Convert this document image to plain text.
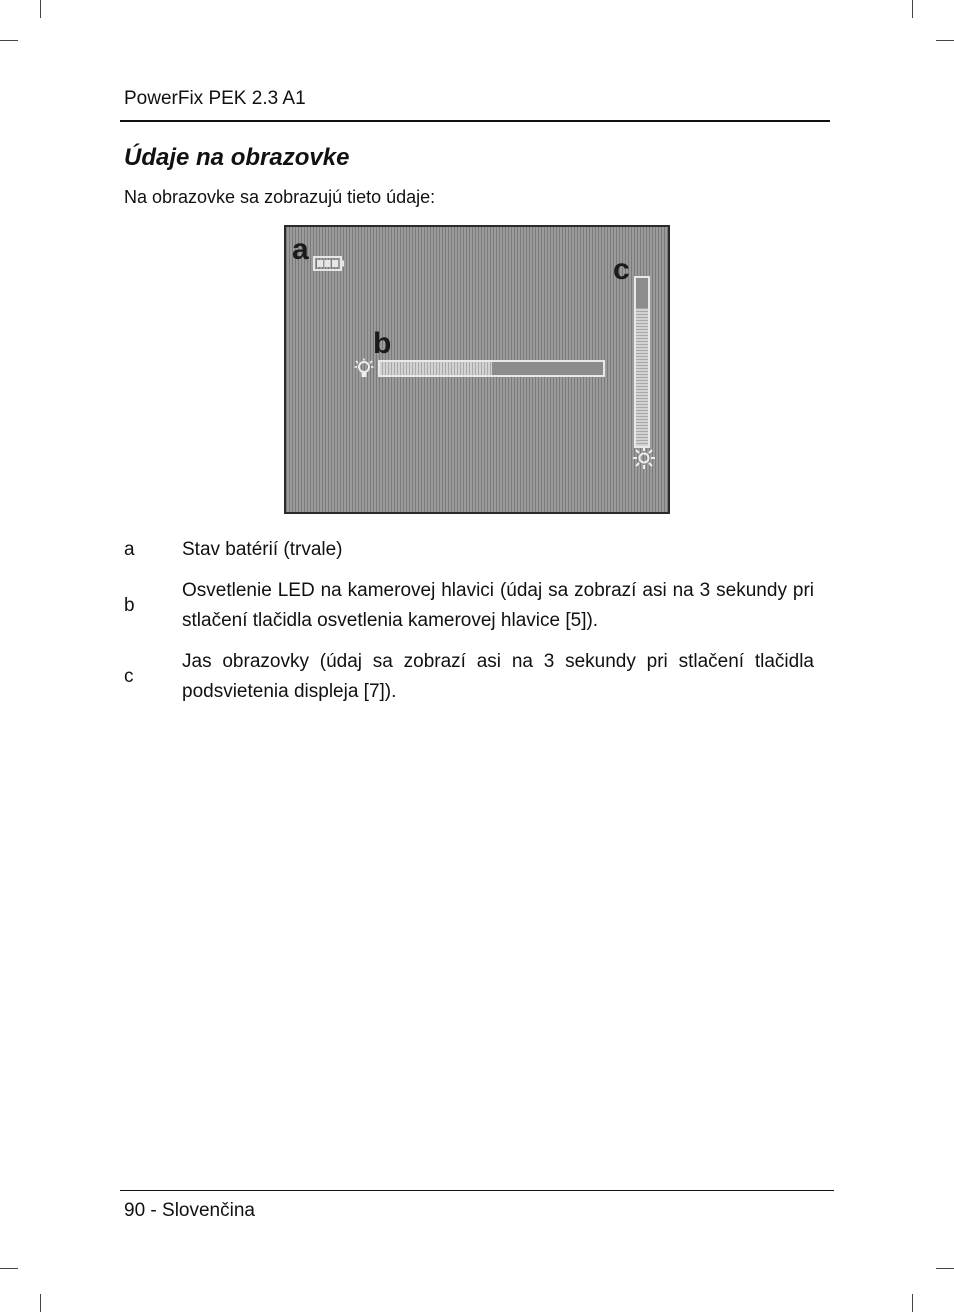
PowerFix PEK 2.3 A1
Údaje na obrazovke
Na obrazovke sa zobrazujú tieto údaje:
a
b
c
a Stav batérií (trvale)
b
Osvetlenie LED na kamerovej hlavici (údaj sa zobrazí asi na 3 sekundy pri stlačení tlačidla osvetlenia kamerovej hlavice [5]).
c
Jas obrazovky (údaj sa zobrazí asi na 3 sekundy pri stlačení tlačidla podsvietenia displeja [7]).
90 - Slovenčina
